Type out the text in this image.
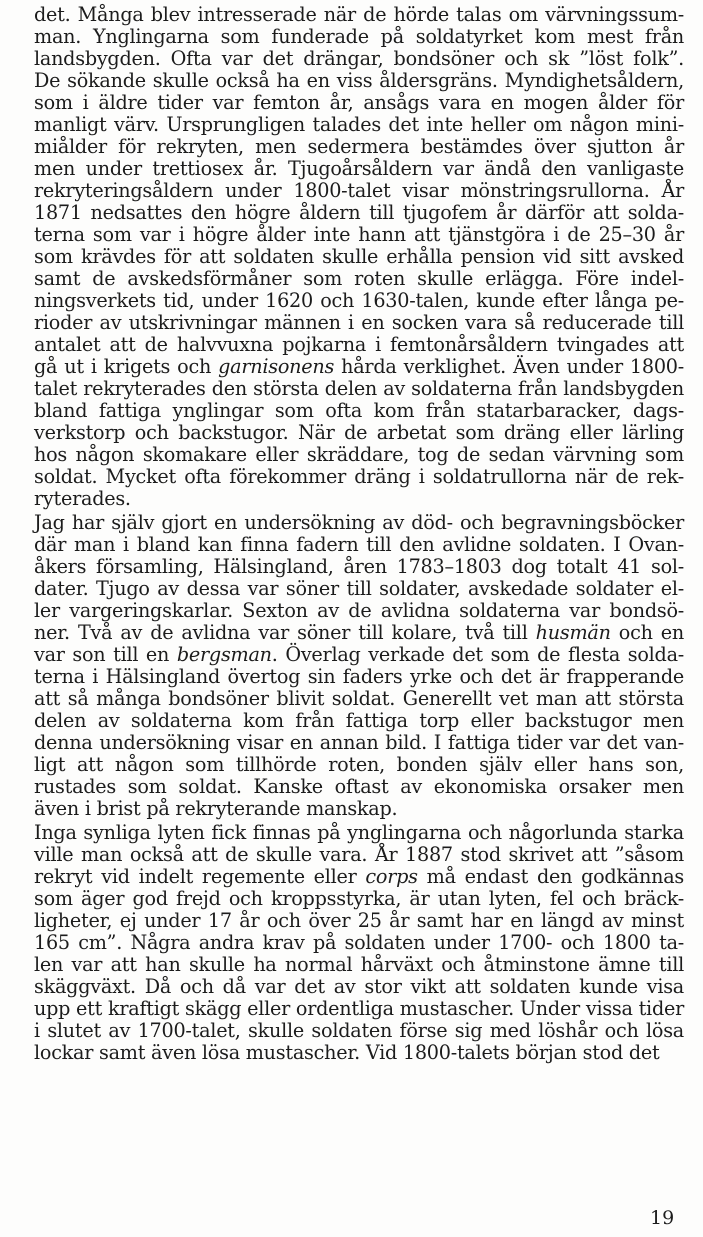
det. Många blev intresserade när de hörde talas om värvningssum-
man. Ynglingarna som funderade på soldatyrket kom mest från
landsbygden. Ofta var det drängar, bondsöner och sk ”löst folk”.
De sökande skulle också ha en viss åldersgräns. Myndighetsåldern,
som i äldre tider var femton år, ansågs vara en mogen ålder för
manligt värv. Ursprungligen talades det inte heller om någon mini-
miålder för rekryten, men sedermera bestämdes över sjutton år
men under trettiosex år. Tjugoårsåldern var ändå den vanligaste
rekryteringsåldern under 1800-talet visar mönstringsrullorna. År
1871 nedsattes den högre åldern till tjugofem år därför att solda-
terna som var i högre ålder inte hann att tjänstgöra i de 25–30 år
som krävdes för att soldaten skulle erhålla pension vid sitt avsked
samt de avskedsförmåner som roten skulle erlägga. Före indel-
ningsverkets tid, under 1620 och 1630-talen, kunde efter långa pe-
rioder av utskrivningar männen i en socken vara så reducerade till
antalet att de halvvuxna pojkarna i femtonårsåldern tvingades att
gå ut i krigets och garnisonens hårda verklighet. Även under 1800-
talet rekryterades den största delen av soldaterna från landsbygden
bland fattiga ynglingar som ofta kom från statarbaracker, dags-
verkstorp och backstugor. När de arbetat som dräng eller lärling
hos någon skomakare eller skräddare, tog de sedan värvning som
soldat. Mycket ofta förekommer dräng i soldatrullorna när de rek-
ryterades.
Jag har själv gjort en undersökning av död- och begravningsböcker
där man i bland kan finna fadern till den avlidne soldaten. I Ovan-
åkers församling, Hälsingland, åren 1783–1803 dog totalt 41 sol-
dater. Tjugo av dessa var söner till soldater, avskedade soldater el-
ler vargeringskarlar. Sexton av de avlidna soldaterna var bondsö-
ner. Två av de avlidna var söner till kolare, två till husmän och en
var son till en bergsman. Överlag verkade det som de flesta solda-
terna i Hälsingland övertog sin faders yrke och det är frapperande
att så många bondsöner blivit soldat. Generellt vet man att största
delen av soldaterna kom från fattiga torp eller backstugor men
denna undersökning visar en annan bild. I fattiga tider var det van-
ligt att någon som tillhörde roten, bonden själv eller hans son,
rustades som soldat. Kanske oftast av ekonomiska orsaker men
även i brist på rekryterande manskap.
Inga synliga lyten fick finnas på ynglingarna och någorlunda starka
ville man också att de skulle vara. År 1887 stod skrivet att ”såsom
rekryt vid indelt regemente eller corps må endast den godkännas
som äger god frejd och kroppsstyrka, är utan lyten, fel och bräck-
ligheter, ej under 17 år och över 25 år samt har en längd av minst
165 cm”. Några andra krav på soldaten under 1700- och 1800 ta-
len var att han skulle ha normal hårväxt och åtminstone ämne till
skäggväxt. Då och då var det av stor vikt att soldaten kunde visa
upp ett kraftigt skägg eller ordentliga mustascher. Under vissa tider
i slutet av 1700-talet, skulle soldaten förse sig med löshår och lösa
lockar samt även lösa mustascher. Vid 1800-talets början stod det
19
